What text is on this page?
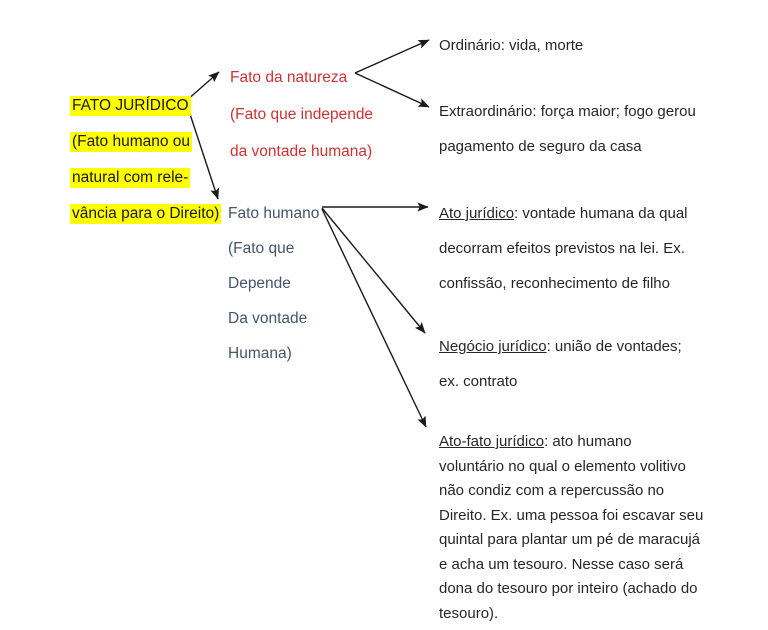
FATO JURÍDICO
(Fato humano ou
natural com rele-
vância para o Direito)
Fato da natureza
(Fato que independe
da vontade humana)
Fato humano
(Fato que
Depende
Da vontade
Humana)
Ordinário: vida, morte
Extraordinário: força maior; fogo gerou
pagamento de seguro da casa
Ato jurídico: vontade humana da qual
decorram efeitos previstos na lei. Ex.
confissão, reconhecimento de filho
Negócio jurídico: união de vontades;
ex. contrato
Ato-fato jurídico: ato humano
voluntário no qual o elemento volitivo
não condiz com a repercussão no
Direito. Ex. uma pessoa foi escavar seu
quintal para plantar um pé de maracujá
e acha um tesouro. Nesse caso será
dona do tesouro por inteiro (achado do
tesouro).
